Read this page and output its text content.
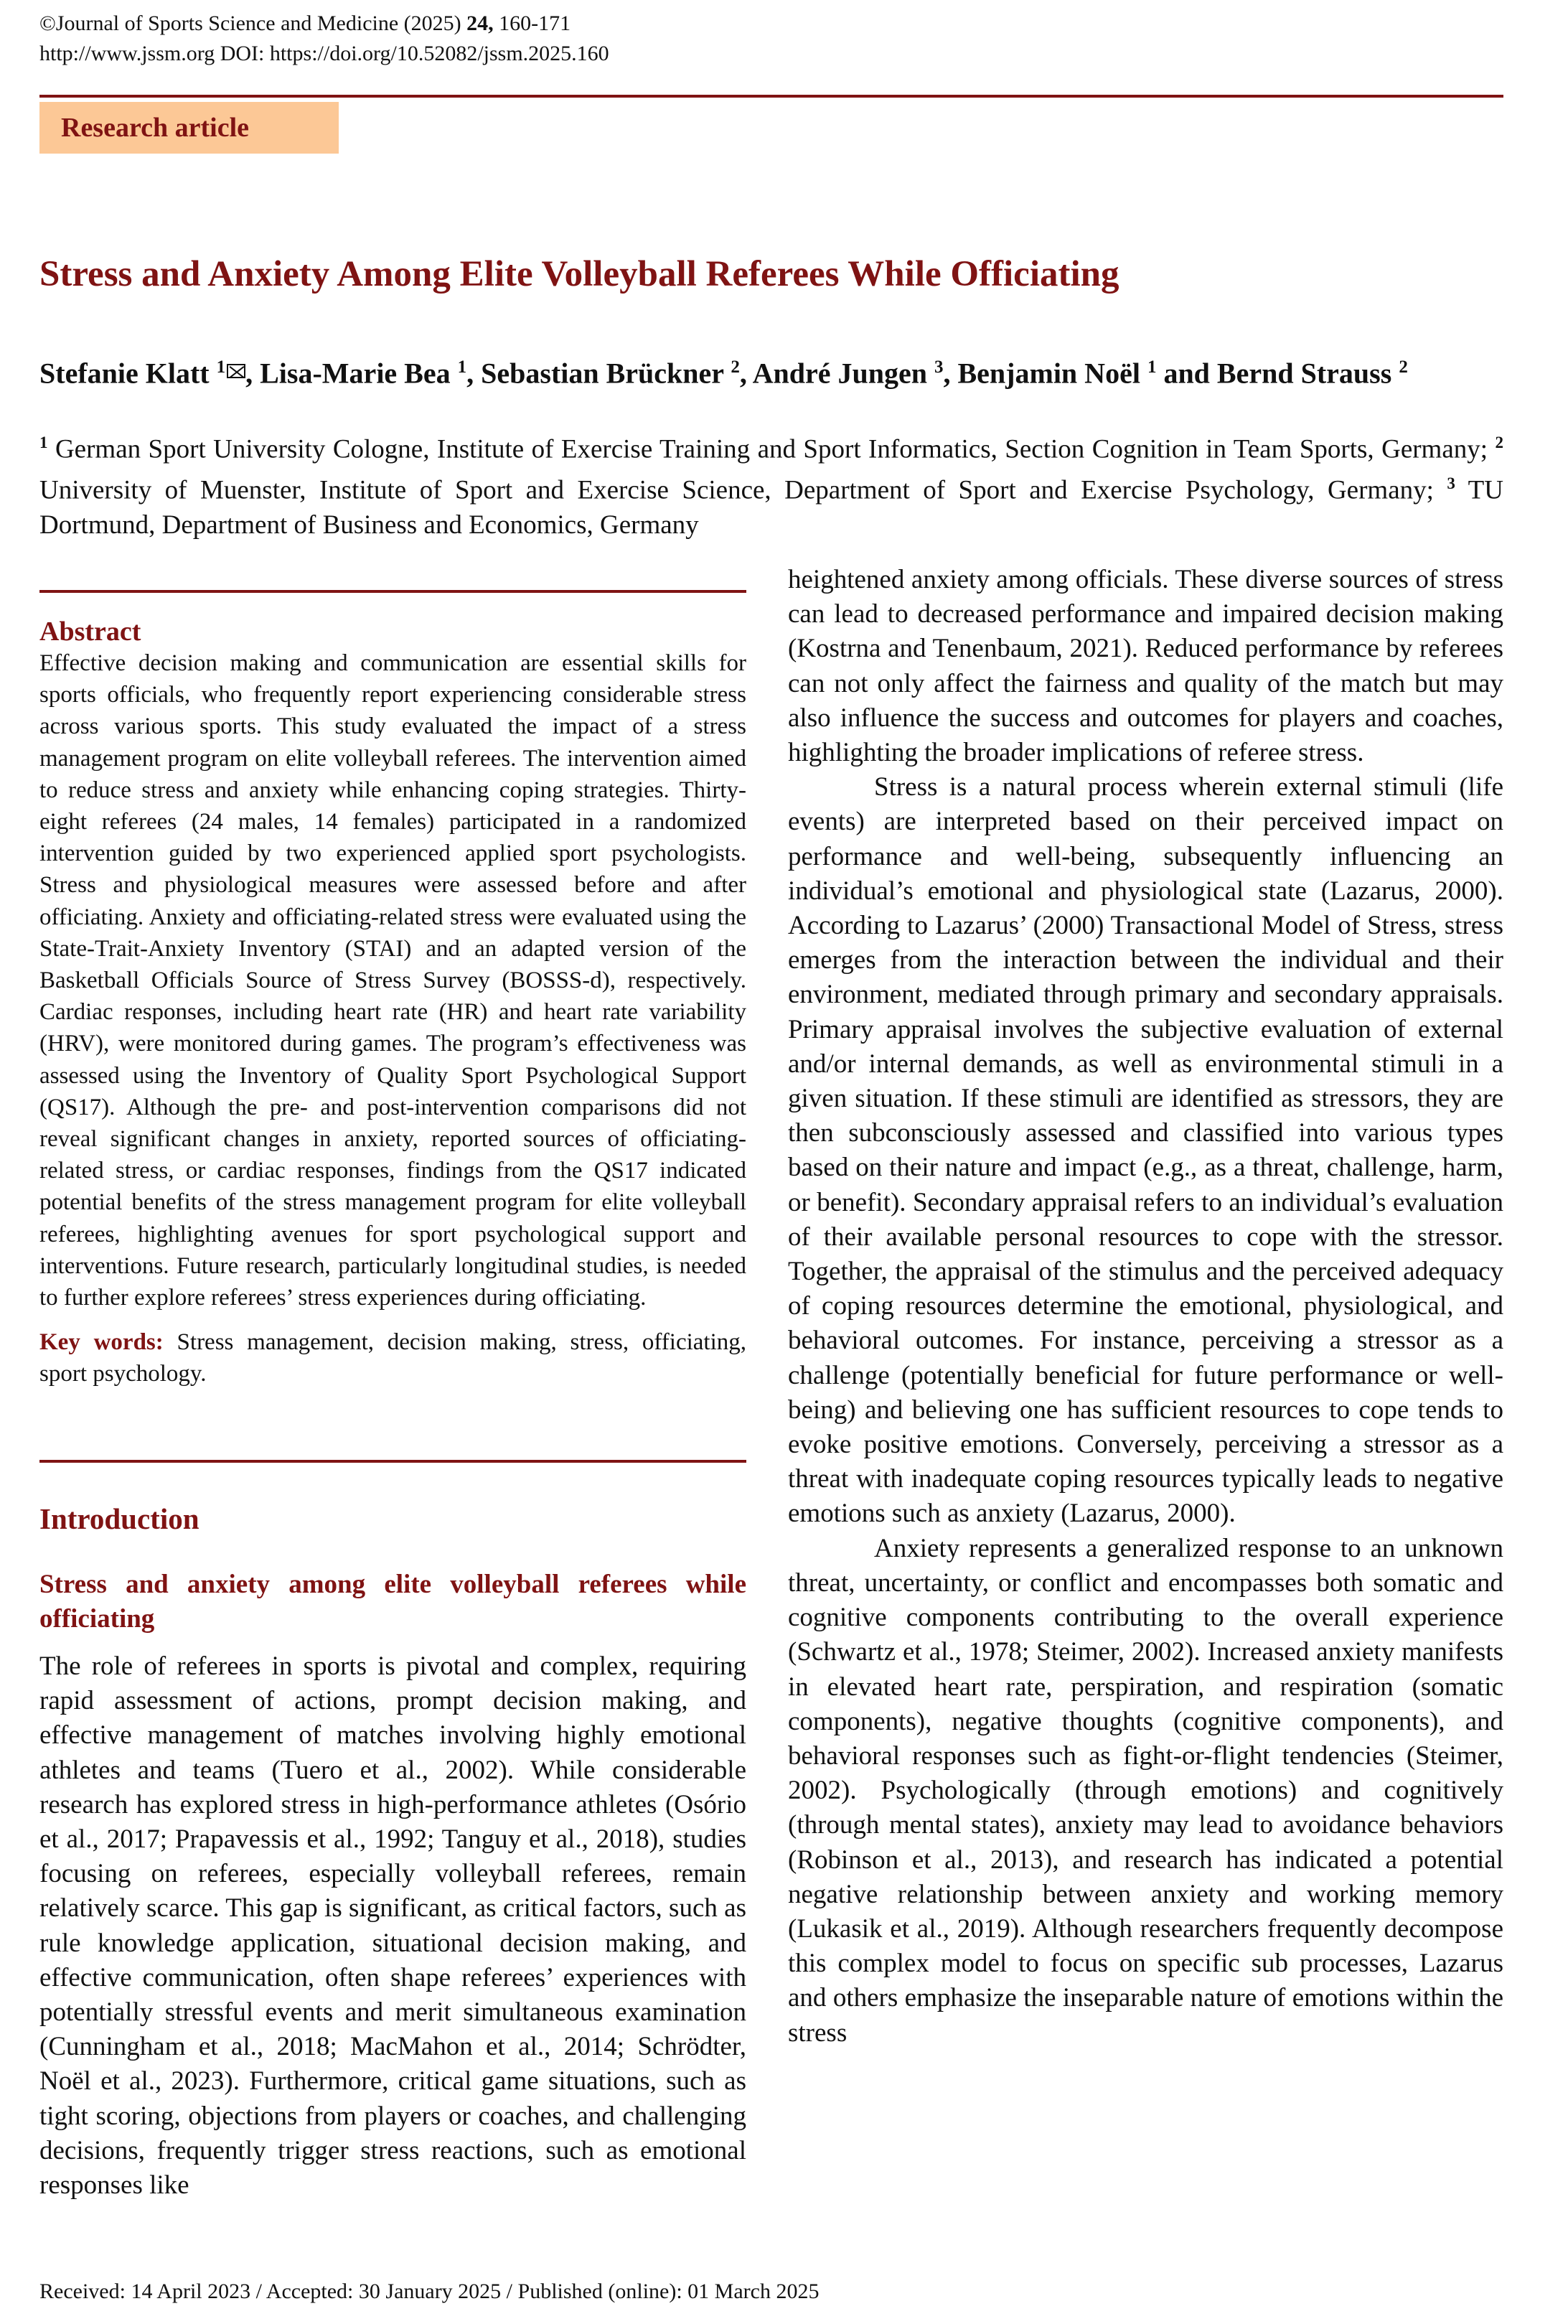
©Journal of Sports Science and Medicine (2025) 24, 160-171
http://www.jssm.org DOI: https://doi.org/10.52082/jssm.2025.160
Research article
Stress and Anxiety Among Elite Volleyball Referees While Officiating
Stefanie Klatt $^1$ , Lisa-Marie Bea $^1$, Sebastian Brückner $^2$, André Jungen $^3$, Benjamin Noël $^1$ and Bernd Strauss $^2$
$^1$ German Sport University Cologne, Institute of Exercise Training and Sport Informatics, Section Cognition in Team Sports, Germany; $^2$ University of Muenster, Institute of Sport and Exercise Science, Department of Sport and Exercise Psychology, Germany; $^3$ TU Dortmund, Department of Business and Economics, Germany
Abstract

Effective decision making and communication are essential skills for sports officials, who frequently report experiencing considerable stress across various sports. This study evaluated the impact of a stress management program on elite volleyball referees. The intervention aimed to reduce stress and anxiety while enhancing coping strategies. Thirty-eight referees (24 males, 14 females) participated in a randomized intervention guided by two experienced applied sport psychologists. Stress and physiological measures were assessed before and after officiating. Anxiety and officiating-related stress were evaluated using the State-Trait-Anxiety Inventory (STAI) and an adapted version of the Basketball Officials Source of Stress Survey (BOSSS-d), respectively. Cardiac responses, including heart rate (HR) and heart rate variability (HRV), were monitored during games. The program’s effectiveness was assessed using the Inventory of Quality Sport Psychological Support (QS17). Although the pre- and post-intervention comparisons did not reveal significant changes in anxiety, reported sources of officiating-related stress, or cardiac responses, findings from the QS17 indicated potential benefits of the stress management program for elite volleyball referees, highlighting avenues for sport psychological support and interventions. Future research, particularly longitudinal studies, is needed to further explore referees’ stress experiences during officiating.

Key words: Stress management, decision making, stress, officiating, sport psychology.

Introduction
Stress and anxiety among elite volleyball referees while officiating

The role of referees in sports is pivotal and complex, requiring rapid assessment of actions, prompt decision making, and effective management of matches involving highly emotional athletes and teams (Tuero et al., 2002). While considerable research has explored stress in high-performance athletes (Osório et al., 2017; Prapavessis et al., 1992; Tanguy et al., 2018), studies focusing on referees, especially volleyball referees, remain relatively scarce. This gap is significant, as critical factors, such as rule knowledge application, situational decision making, and effective communication, often shape referees’ experiences with potentially stressful events and merit simultaneous examination (Cunningham et al., 2018; MacMahon et al., 2014; Schrödter, Noël et al., 2023). Furthermore, critical game situations, such as tight scoring, objections from players or coaches, and challenging decisions, frequently trigger stress reactions, such as emotional responses like

heightened anxiety among officials. These diverse sources of stress can lead to decreased performance and impaired decision making (Kostrna and Tenenbaum, 2021). Reduced performance by referees can not only affect the fairness and quality of the match but may also influence the success and outcomes for players and coaches, highlighting the broader implications of referee stress.

Stress is a natural process wherein external stimuli (life events) are interpreted based on their perceived impact on performance and well-being, subsequently influencing an individual’s emotional and physiological state (Lazarus, 2000). According to Lazarus’ (2000) Transactional Model of Stress, stress emerges from the interaction between the individual and their environment, mediated through primary and secondary appraisals. Primary appraisal involves the subjective evaluation of external and/or internal demands, as well as environmental stimuli in a given situation. If these stimuli are identified as stressors, they are then subconsciously assessed and classified into various types based on their nature and impact (e.g., as a threat, challenge, harm, or benefit). Secondary appraisal refers to an individual’s evaluation of their available personal resources to cope with the stressor. Together, the appraisal of the stimulus and the perceived adequacy of coping resources determine the emotional, physiological, and behavioral outcomes. For instance, perceiving a stressor as a challenge (potentially beneficial for future performance or well-being) and believing one has sufficient resources to cope tends to evoke positive emotions. Conversely, perceiving a stressor as a threat with inadequate coping resources typically leads to negative emotions such as anxiety (Lazarus, 2000).

Anxiety represents a generalized response to an unknown threat, uncertainty, or conflict and encompasses both somatic and cognitive components contributing to the overall experience (Schwartz et al., 1978; Steimer, 2002). Increased anxiety manifests in elevated heart rate, perspiration, and respiration (somatic components), negative thoughts (cognitive components), and behavioral responses such as fight-or-flight tendencies (Steimer, 2002). Psychologically (through emotions) and cognitively (through mental states), anxiety may lead to avoidance behaviors (Robinson et al., 2013), and research has indicated a potential negative relationship between anxiety and working memory (Lukasik et al., 2019). Although researchers frequently decompose this complex model to focus on specific sub processes, Lazarus and others emphasize the inseparable nature of emotions within the stress

Received: 14 April 2023 / Accepted: 30 January 2025 / Published (online): 01 March 2025
